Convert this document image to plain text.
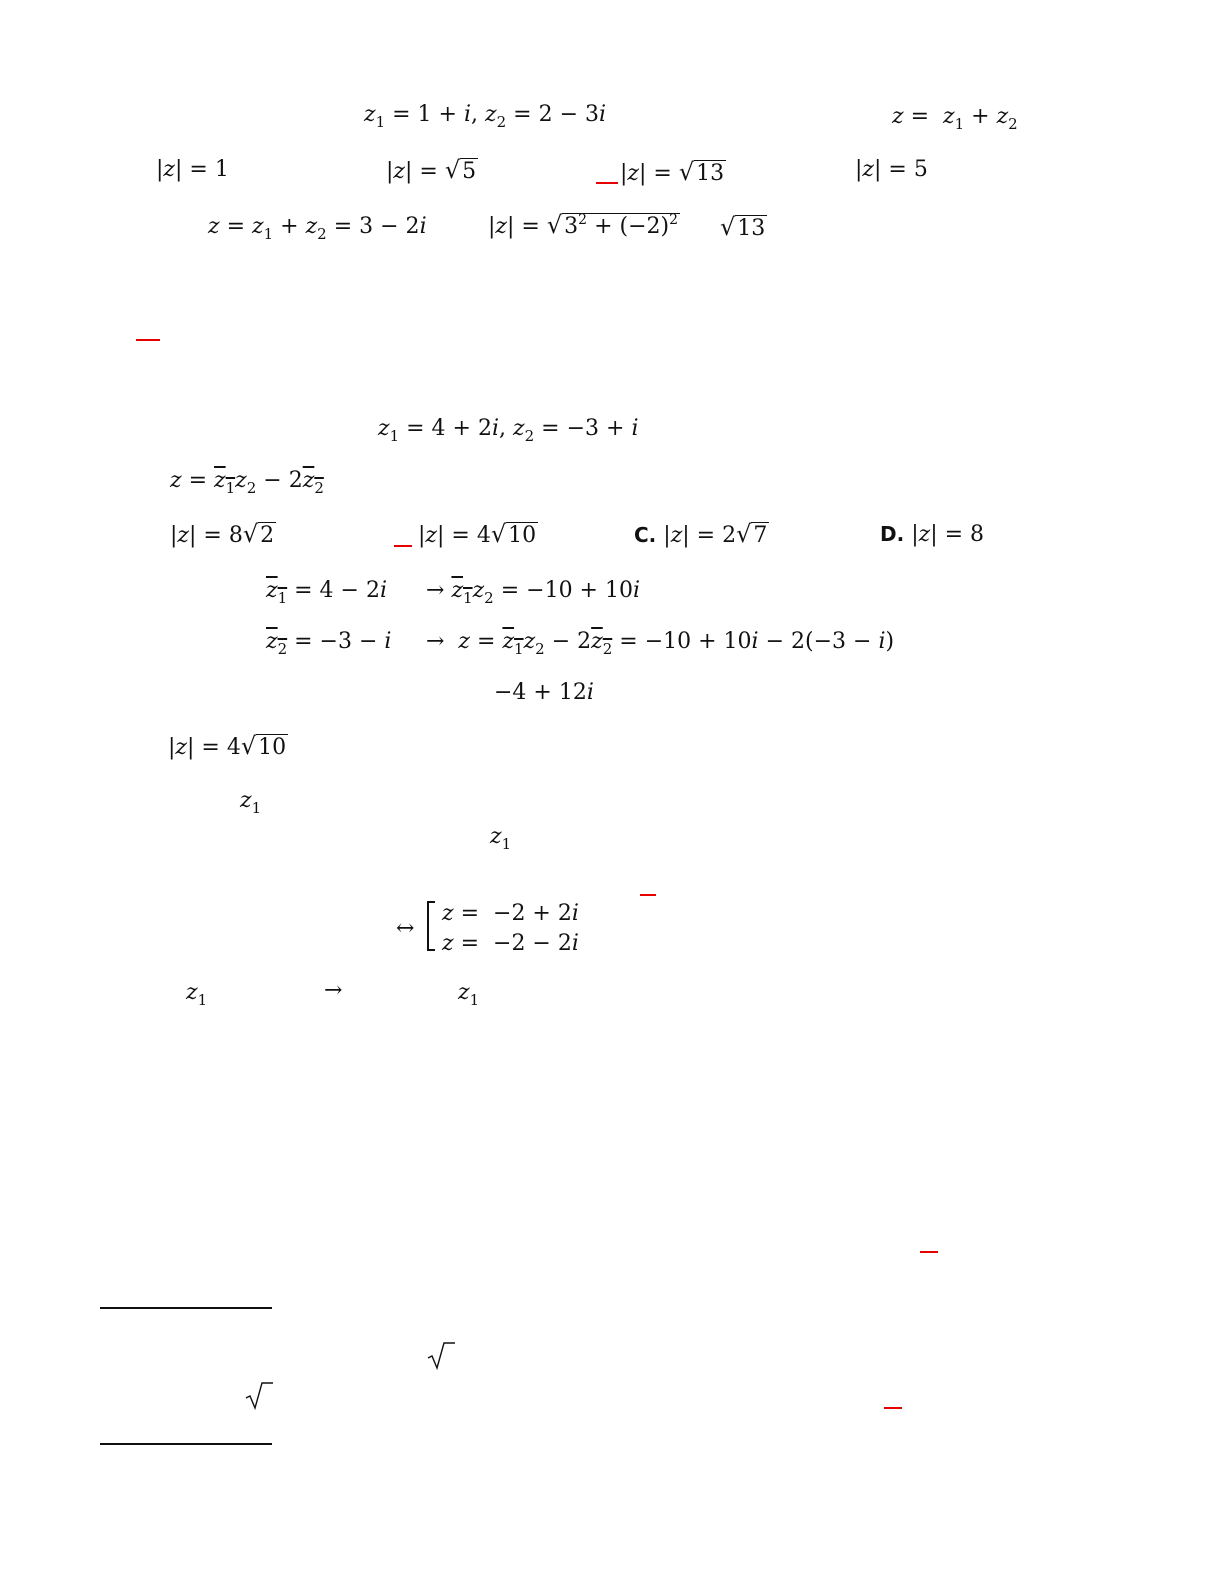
$z_1 = 1 + i$, $z_2 = 2 - 3i$	$z = z_1 + z_2$
|z| = 1	|z| = √5	|z| = √13	|z| = 5
$z = z_1 + z_2 = 3 - 2i$	$|z| = √3^2 + (-2)^2$ √13
$z_1 = 4 + 2i$, $z_2 = -3 + i$
$z = z_1z_2 - 2z_2$
|z| = 8√2	|z| = 4√10	C. |z| = 2√7	D. |z| = 8
$z_1 = 4 - 2i \to z_1z_2 = -10 + 10i$
$z_2 = -3 - i \to z = z_1z_2 - 2z_2 = -10 + 10i - 2(-3 - i)$
−4 + 12i
|z| = 4√10
$z_1$
$z_1$
↔
z =  −2 + 2i
z =  −2 − 2i
$z_1$	→	$z_1$
